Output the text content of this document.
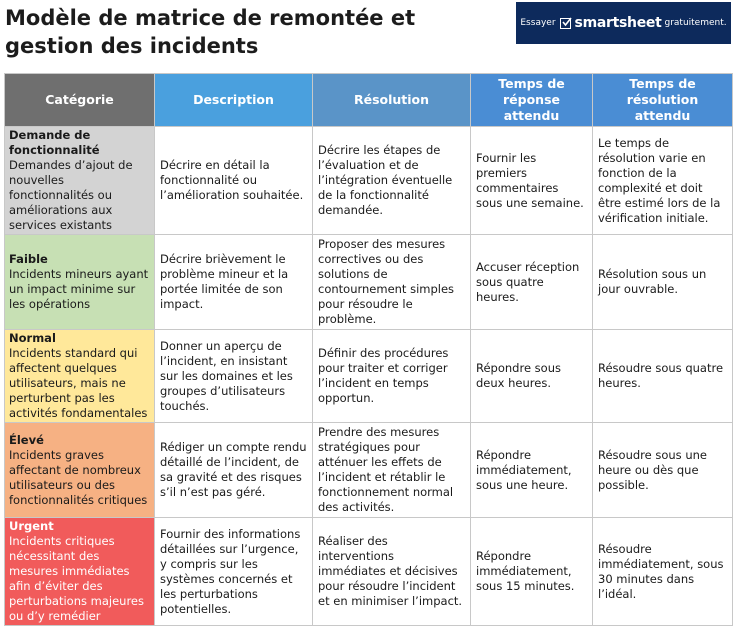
Modèle de matrice de remontée et
gestion des incidents
Essayer smartsheet gratuitement.
Catégorie	Description	Résolution	Temps de réponse attendu	Temps de résolution attendu

Demande de fonctionnalité
Demandes d’ajout de nouvelles fonctionnalités ou améliorations aux services existants	Décrire en détail la fonctionnalité ou l’amélioration souhaitée.	Décrire les étapes de l’évaluation et de l’intégration éventuelle de la fonctionnalité demandée.	Fournir les premiers commentaires sous une semaine.	Le temps de résolution varie en fonction de la complexité et doit être estimé lors de la vérification initiale.

Faible
Incidents mineurs ayant un impact minime sur les opérations	Décrire brièvement le problème mineur et la portée limitée de son impact.	Proposer des mesures correctives ou des solutions de contournement simples pour résoudre le problème.	Accuser réception sous quatre heures.	Résolution sous un jour ouvrable.

Normal
Incidents standard qui affectent quelques utilisateurs, mais ne perturbent pas les activités fondamentales	Donner un aperçu de l’incident, en insistant sur les domaines et les groupes d’utilisateurs touchés.	Définir des procédures pour traiter et corriger l’incident en temps opportun.	Répondre sous deux heures.	Résoudre sous quatre heures.

Élevé
Incidents graves affectant de nombreux utilisateurs ou des fonctionnalités critiques	Rédiger un compte rendu détaillé de l’incident, de sa gravité et des risques s’il n’est pas géré.	Prendre des mesures stratégiques pour atténuer les effets de l’incident et rétablir le fonctionnement normal des activités.	Répondre immédiatement, sous une heure.	Résoudre sous une heure ou dès que possible.

Urgent
Incidents critiques nécessitant des mesures immédiates afin d’éviter des perturbations majeures ou d’y remédier	Fournir des informations détaillées sur l’urgence, y compris sur les systèmes concernés et les perturbations potentielles.	Réaliser des interventions immédiates et décisives pour résoudre l’incident et en minimiser l’impact.	Répondre immédiatement, sous 15 minutes.	Résoudre immédiatement, sous 30 minutes dans l’idéal.
